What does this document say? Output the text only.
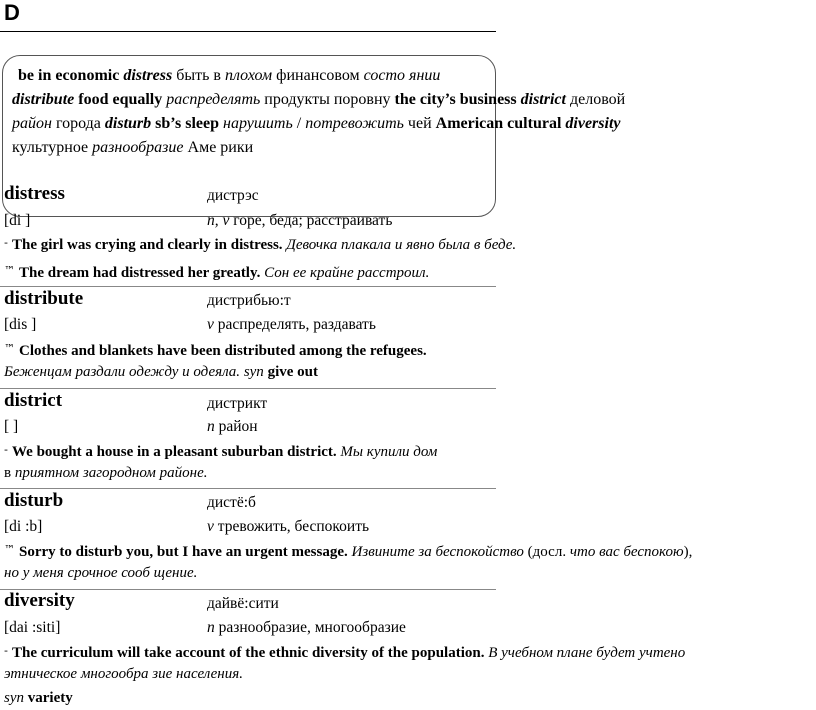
D
be in economic distress быть в плохом финансовом состо янии
distribute food equally распределять продукты поровну the city’s business district деловой
район города disturb sb’s sleep нарушить / потревожить чей American cultural diversity
культурное разнообразие Аме рики
distress	дистрэс
[di ]	n, v горе, беда; расстраивать
- The girl was crying and clearly in distress. Девочка плакала и явно была в беде.
™ The dream had distressed her greatly. Сон ее крайне расстроил.
distribute	дистрибью:т
[dis ]	v распределять, раздавать
™ Clothes and blankets have been distributed among the refugees.
Беженцам раздали одежду и одеяла. syn give out
district	дистрикт
[ ]	n район
- We bought a house in a pleasant suburban district. Мы купили дом
в приятном загородном районе.
disturb	дистё:б
[di :b]	v тревожить, беспокоить
™ Sorry to disturb you, but I have an urgent message. Извините за беспокойство (досл. что вас беспокою),
но у меня срочное сооб щение.
diversity	дайвё:сити
[dai :siti]	n разнообразие, многообразие
- The curriculum will take account of the ethnic diversity of the population. В учебном плане будет учтено
этническое многообра зие населения.
syn variety
